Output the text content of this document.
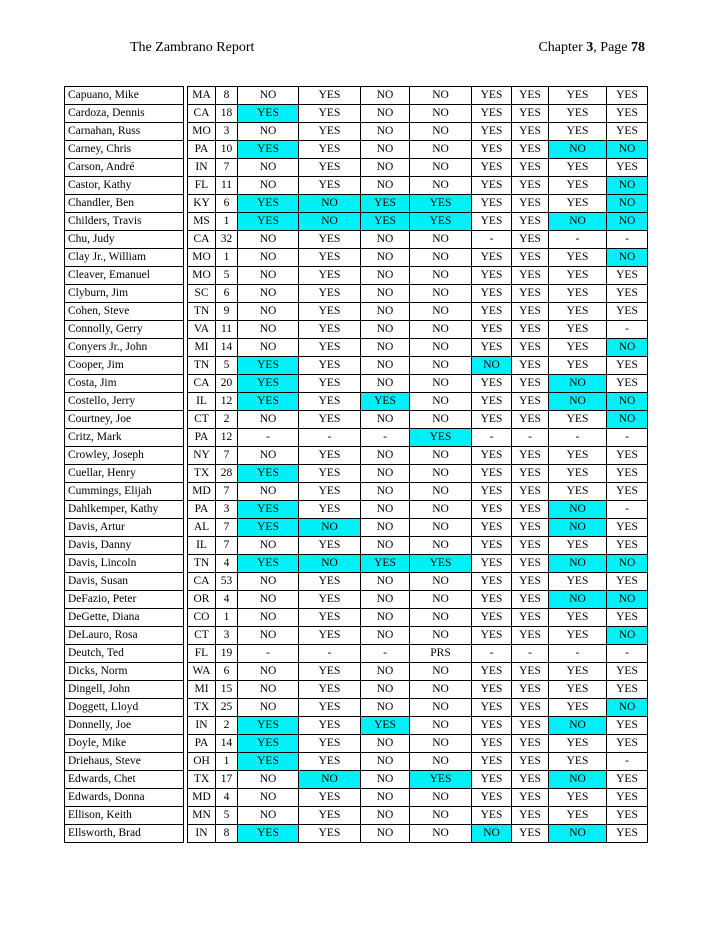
The Zambrano Report	Chapter 3, Page 78
Capuano, Mike		MA	8	NO	YES	NO	NO	YES	YES	YES	YES
Cardoza, Dennis		CA	18	YES	YES	NO	NO	YES	YES	YES	YES
Carnahan, Russ		MO	3	NO	YES	NO	NO	YES	YES	YES	YES
Carney, Chris		PA	10	YES	YES	NO	NO	YES	YES	NO	NO
Carson, André		IN	7	NO	YES	NO	NO	YES	YES	YES	YES
Castor, Kathy		FL	11	NO	YES	NO	NO	YES	YES	YES	NO
Chandler, Ben		KY	6	YES	NO	YES	YES	YES	YES	YES	NO
Childers, Travis		MS	1	YES	NO	YES	YES	YES	YES	NO	NO
Chu, Judy		CA	32	NO	YES	NO	NO	-	YES	-	-
Clay Jr., William		MO	1	NO	YES	NO	NO	YES	YES	YES	NO
Cleaver, Emanuel		MO	5	NO	YES	NO	NO	YES	YES	YES	YES
Clyburn, Jim		SC	6	NO	YES	NO	NO	YES	YES	YES	YES
Cohen, Steve		TN	9	NO	YES	NO	NO	YES	YES	YES	YES
Connolly, Gerry		VA	11	NO	YES	NO	NO	YES	YES	YES	-
Conyers Jr., John		MI	14	NO	YES	NO	NO	YES	YES	YES	NO
Cooper, Jim		TN	5	YES	YES	NO	NO	NO	YES	YES	YES
Costa, Jim		CA	20	YES	YES	NO	NO	YES	YES	NO	YES
Costello, Jerry		IL	12	YES	YES	YES	NO	YES	YES	NO	NO
Courtney, Joe		CT	2	NO	YES	NO	NO	YES	YES	YES	NO
Critz, Mark		PA	12	-	-	-	YES	-	-	-	-
Crowley, Joseph		NY	7	NO	YES	NO	NO	YES	YES	YES	YES
Cuellar, Henry		TX	28	YES	YES	NO	NO	YES	YES	YES	YES
Cummings, Elijah		MD	7	NO	YES	NO	NO	YES	YES	YES	YES
Dahlkemper, Kathy		PA	3	YES	YES	NO	NO	YES	YES	NO	-
Davis, Artur		AL	7	YES	NO	NO	NO	YES	YES	NO	YES
Davis, Danny		IL	7	NO	YES	NO	NO	YES	YES	YES	YES
Davis, Lincoln		TN	4	YES	NO	YES	YES	YES	YES	NO	NO
Davis, Susan		CA	53	NO	YES	NO	NO	YES	YES	YES	YES
DeFazio, Peter		OR	4	NO	YES	NO	NO	YES	YES	NO	NO
DeGette, Diana		CO	1	NO	YES	NO	NO	YES	YES	YES	YES
DeLauro, Rosa		CT	3	NO	YES	NO	NO	YES	YES	YES	NO
Deutch, Ted		FL	19	-	-	-	PRS	-	-	-	-
Dicks, Norm		WA	6	NO	YES	NO	NO	YES	YES	YES	YES
Dingell, John		MI	15	NO	YES	NO	NO	YES	YES	YES	YES
Doggett, Lloyd		TX	25	NO	YES	NO	NO	YES	YES	YES	NO
Donnelly, Joe		IN	2	YES	YES	YES	NO	YES	YES	NO	YES
Doyle, Mike		PA	14	YES	YES	NO	NO	YES	YES	YES	YES
Driehaus, Steve		OH	1	YES	YES	NO	NO	YES	YES	YES	-
Edwards, Chet		TX	17	NO	NO	NO	YES	YES	YES	NO	YES
Edwards, Donna		MD	4	NO	YES	NO	NO	YES	YES	YES	YES
Ellison, Keith		MN	5	NO	YES	NO	NO	YES	YES	YES	YES
Ellsworth, Brad		IN	8	YES	YES	NO	NO	NO	YES	NO	YES
